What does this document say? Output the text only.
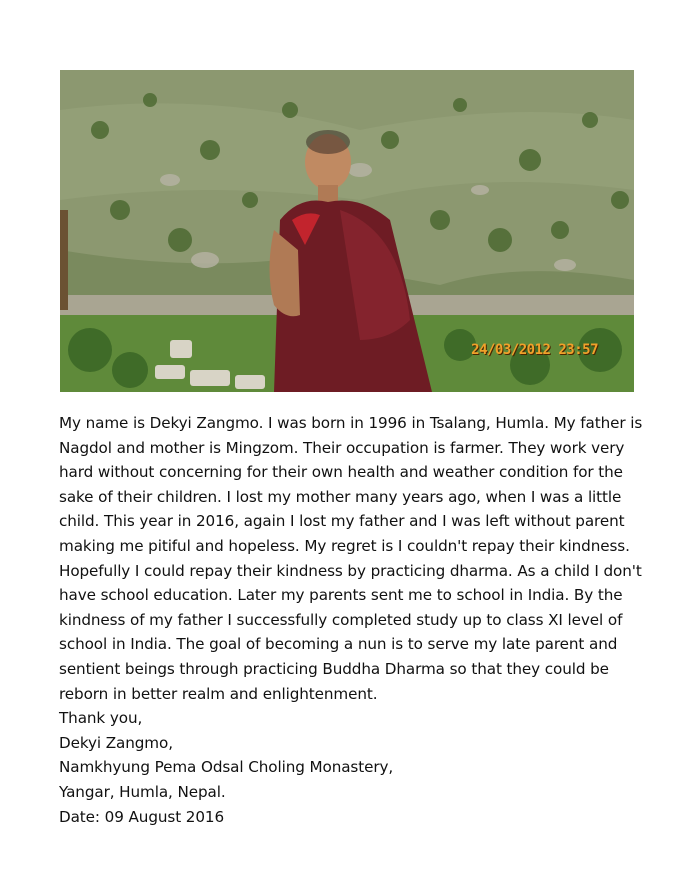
24/03/2012 23:57
My name is Dekyi Zangmo. I was born in 1996 in Tsalang, Humla. My father is
Nagdol and mother is Mingzom. Their occupation is farmer. They work very
hard without concerning for their own health and weather condition for the
sake of their children. I lost my mother many years ago, when I was a little
child. This year in 2016, again I lost my father and I was left without parent
making me pitiful and hopeless. My regret is I couldn't repay their kindness.
Hopefully I could repay their kindness by practicing dharma. As a child I don't
have school education. Later my parents sent me to school in India. By the
kindness of my father I successfully completed study up to class XI level of
school in India. The goal of becoming a nun is to serve my late parent and
sentient beings through practicing Buddha Dharma so that they could be
reborn in better realm and enlightenment.
Thank you,
Dekyi Zangmo,
Namkhyung Pema Odsal Choling Monastery,
Yangar, Humla, Nepal.
Date: 09 August 2016
